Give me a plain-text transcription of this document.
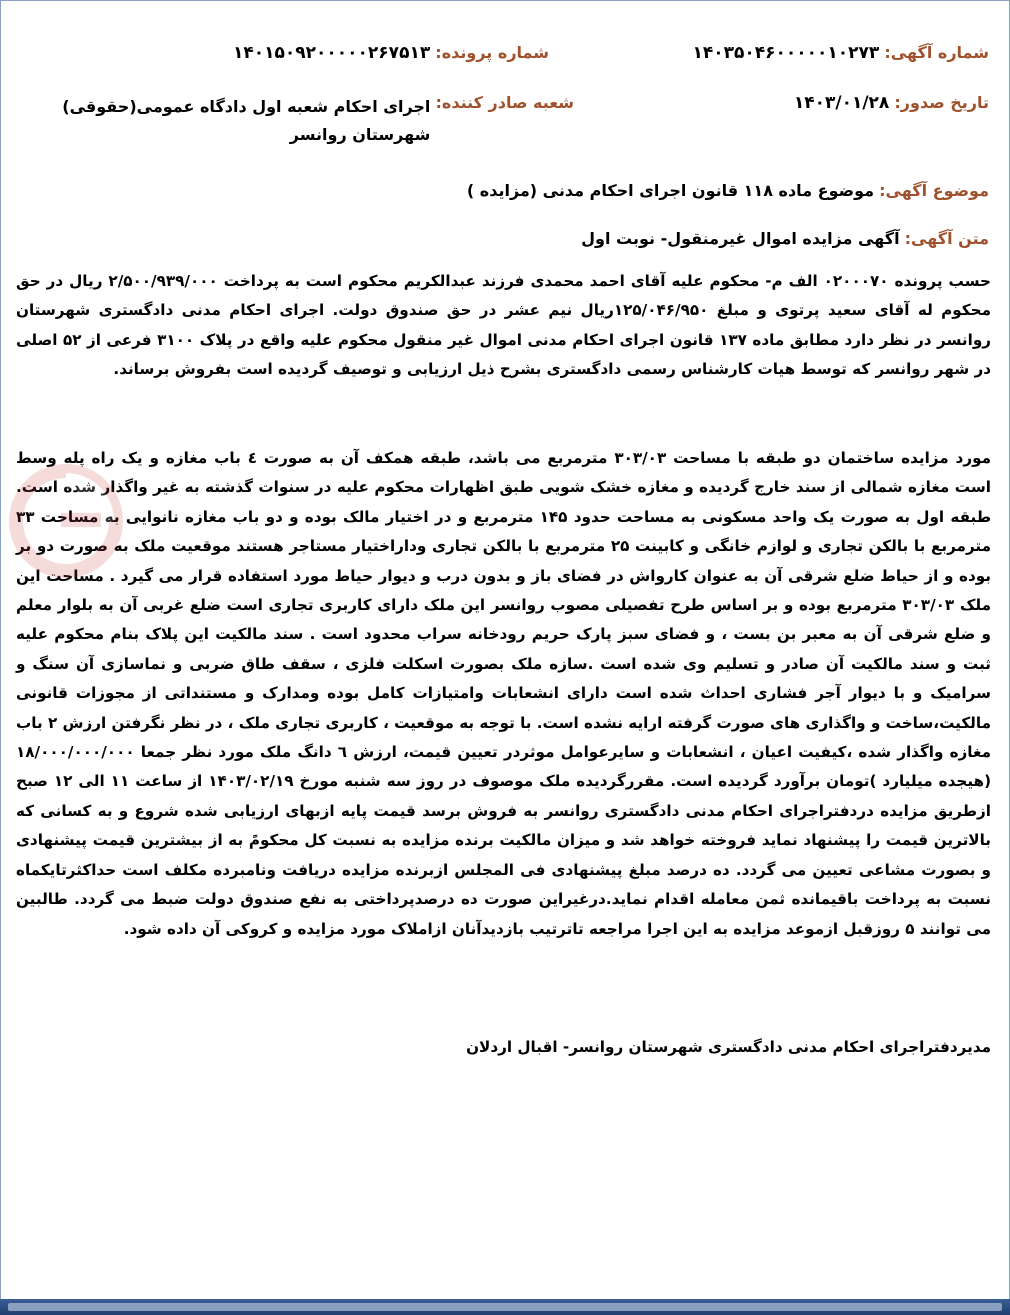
شماره آگهی: ۱۴۰۳۵۰۴۶۰۰۰۰۰۱۰۲۷۳
شماره پرونده: ۱۴۰۱۵۰۹۲۰۰۰۰۰۲۶۷۵۱۳
تاریخ صدور: ۱۴۰۳/۰۱/۲۸
شعبه صادر کننده: اجرای احکام شعبه اول دادگاه عمومی(حقوقی) شهرستان روانسر
موضوع آگهی: موضوع ماده ۱۱۸ قانون اجرای احکام مدنی (مزایده )
متن آگهی: آگهی مزایده اموال غیرمنقول- نوبت اول
حسب پرونده ۰۲۰۰۰۷۰ الف م- محکوم علیه آقای احمد محمدی فرزند عبدالکریم محکوم است به پرداخت ۲/۵۰۰/۹۳۹/۰۰۰ ریال در حق محکوم له آقای سعید پرتوی و مبلغ ۱۲۵/۰۴۶/۹۵۰ریال نیم عشر در حق صندوق دولت. اجرای احکام مدنی دادگستری شهرستان روانسر در نظر دارد مطابق ماده ۱۳۷ قانون اجرای احکام مدنی اموال غیر منقول محکوم علیه واقع در پلاک ۳۱۰۰ فرعی از ۵۲ اصلی در شهر روانسر که توسط هیات کارشناس رسمی دادگستری بشرح ذیل ارزیابی و توصیف گردیده است بفروش برساند.
مورد مزایده ساختمان دو طبقه با مساحت ۳۰۳/۰۳ مترمربع می باشد، طبقه همکف آن به صورت ٤ باب مغازه و یک راه پله وسط است مغازه شمالی از سند خارج گردیده و مغازه خشک شویی طبق اظهارات محکوم علیه در سنوات گذشته به غیر واگذار شده است. طبقه اول به صورت یک واحد مسکونی به مساحت حدود ۱۴۵ مترمربع و در اختیار مالک بوده و دو باب مغازه نانوایی به مساحت ۳۳ مترمربع با بالکن تجاری و لوازم خانگی و کابینت ۲۵ مترمربع با بالکن تجاری وداراختیار مستاجر هستند موقعیت ملک به صورت دو بر بوده و از حیاط ضلع شرقی آن به عنوان کارواش در فضای باز و بدون درب و دیوار حیاط مورد استفاده قرار می گیرد . مساحت این ملک ۳۰۳/۰۳ مترمربع بوده و بر اساس طرح تفصیلی مصوب روانسر این ملک دارای کاربری تجاری است ضلع غربی آن به بلوار معلم و ضلع شرقی آن به معبر بن بست ، و فضای سبز پارک حریم رودخانه سراب محدود است . سند مالکیت این پلاک بنام محکوم علیه ثبت و سند مالکیت آن صادر و تسلیم وی شده است .سازه ملک بصورت اسکلت فلزی ، سقف طاق ضربی و نماسازی آن سنگ و سرامیک و با دیوار آجر فشاری احداث شده است دارای انشعابات وامتیازات کامل بوده ومدارک و مستنداتی از مجوزات قانونی مالکیت،ساخت و واگذاری های صورت گرفته ارایه نشده است. با توجه به موقعیت ، کاربری تجاری ملک ، در نظر نگرفتن ارزش ۲ باب مغازه واگذار شده ،کیفیت اعیان ، انشعابات و سایرعوامل موثردر تعیین قیمت، ارزش ٦ دانگ ملک مورد نظر جمعا ۱۸/۰۰۰/۰۰۰/۰۰۰ (هیجده میلیارد )تومان برآورد گردیده است. مقررگردیده ملک موصوف در روز سه شنبه مورخ ۱۴۰۳/۰۲/۱۹ از ساعت ۱۱ الی ۱۲ صبح ازطریق مزایده دردفتراجرای احکام مدنی دادگستری روانسر به فروش برسد قیمت پایه ازبهای ارزیابی شده شروع و به کسانی که بالاترین قیمت را پیشنهاد نماید فروخته خواهد شد و میزان مالکیت برنده مزایده به نسبت کل محکومً به از بیشترین قیمت پیشنهادی و بصورت مشاعی تعیین می گردد. ده درصد مبلغ پیشنهادی فی المجلس ازبرنده مزایده دریافت ونامبرده مکلف است حداکثرتایکماه نسبت به پرداخت باقیمانده ثمن معامله اقدام نماید.درغیراین صورت ده درصدپرداختی به نفع صندوق دولت ضبط می گردد. طالبین می توانند ۵ روزقبل ازموعد مزایده به این اجرا مراجعه تاترتیب بازدیدآنان ازاملاک مورد مزایده و کروکی آن داده شود.
مدیردفتراجرای احکام مدنی دادگستری شهرستان روانسر- اقبال اردلان
